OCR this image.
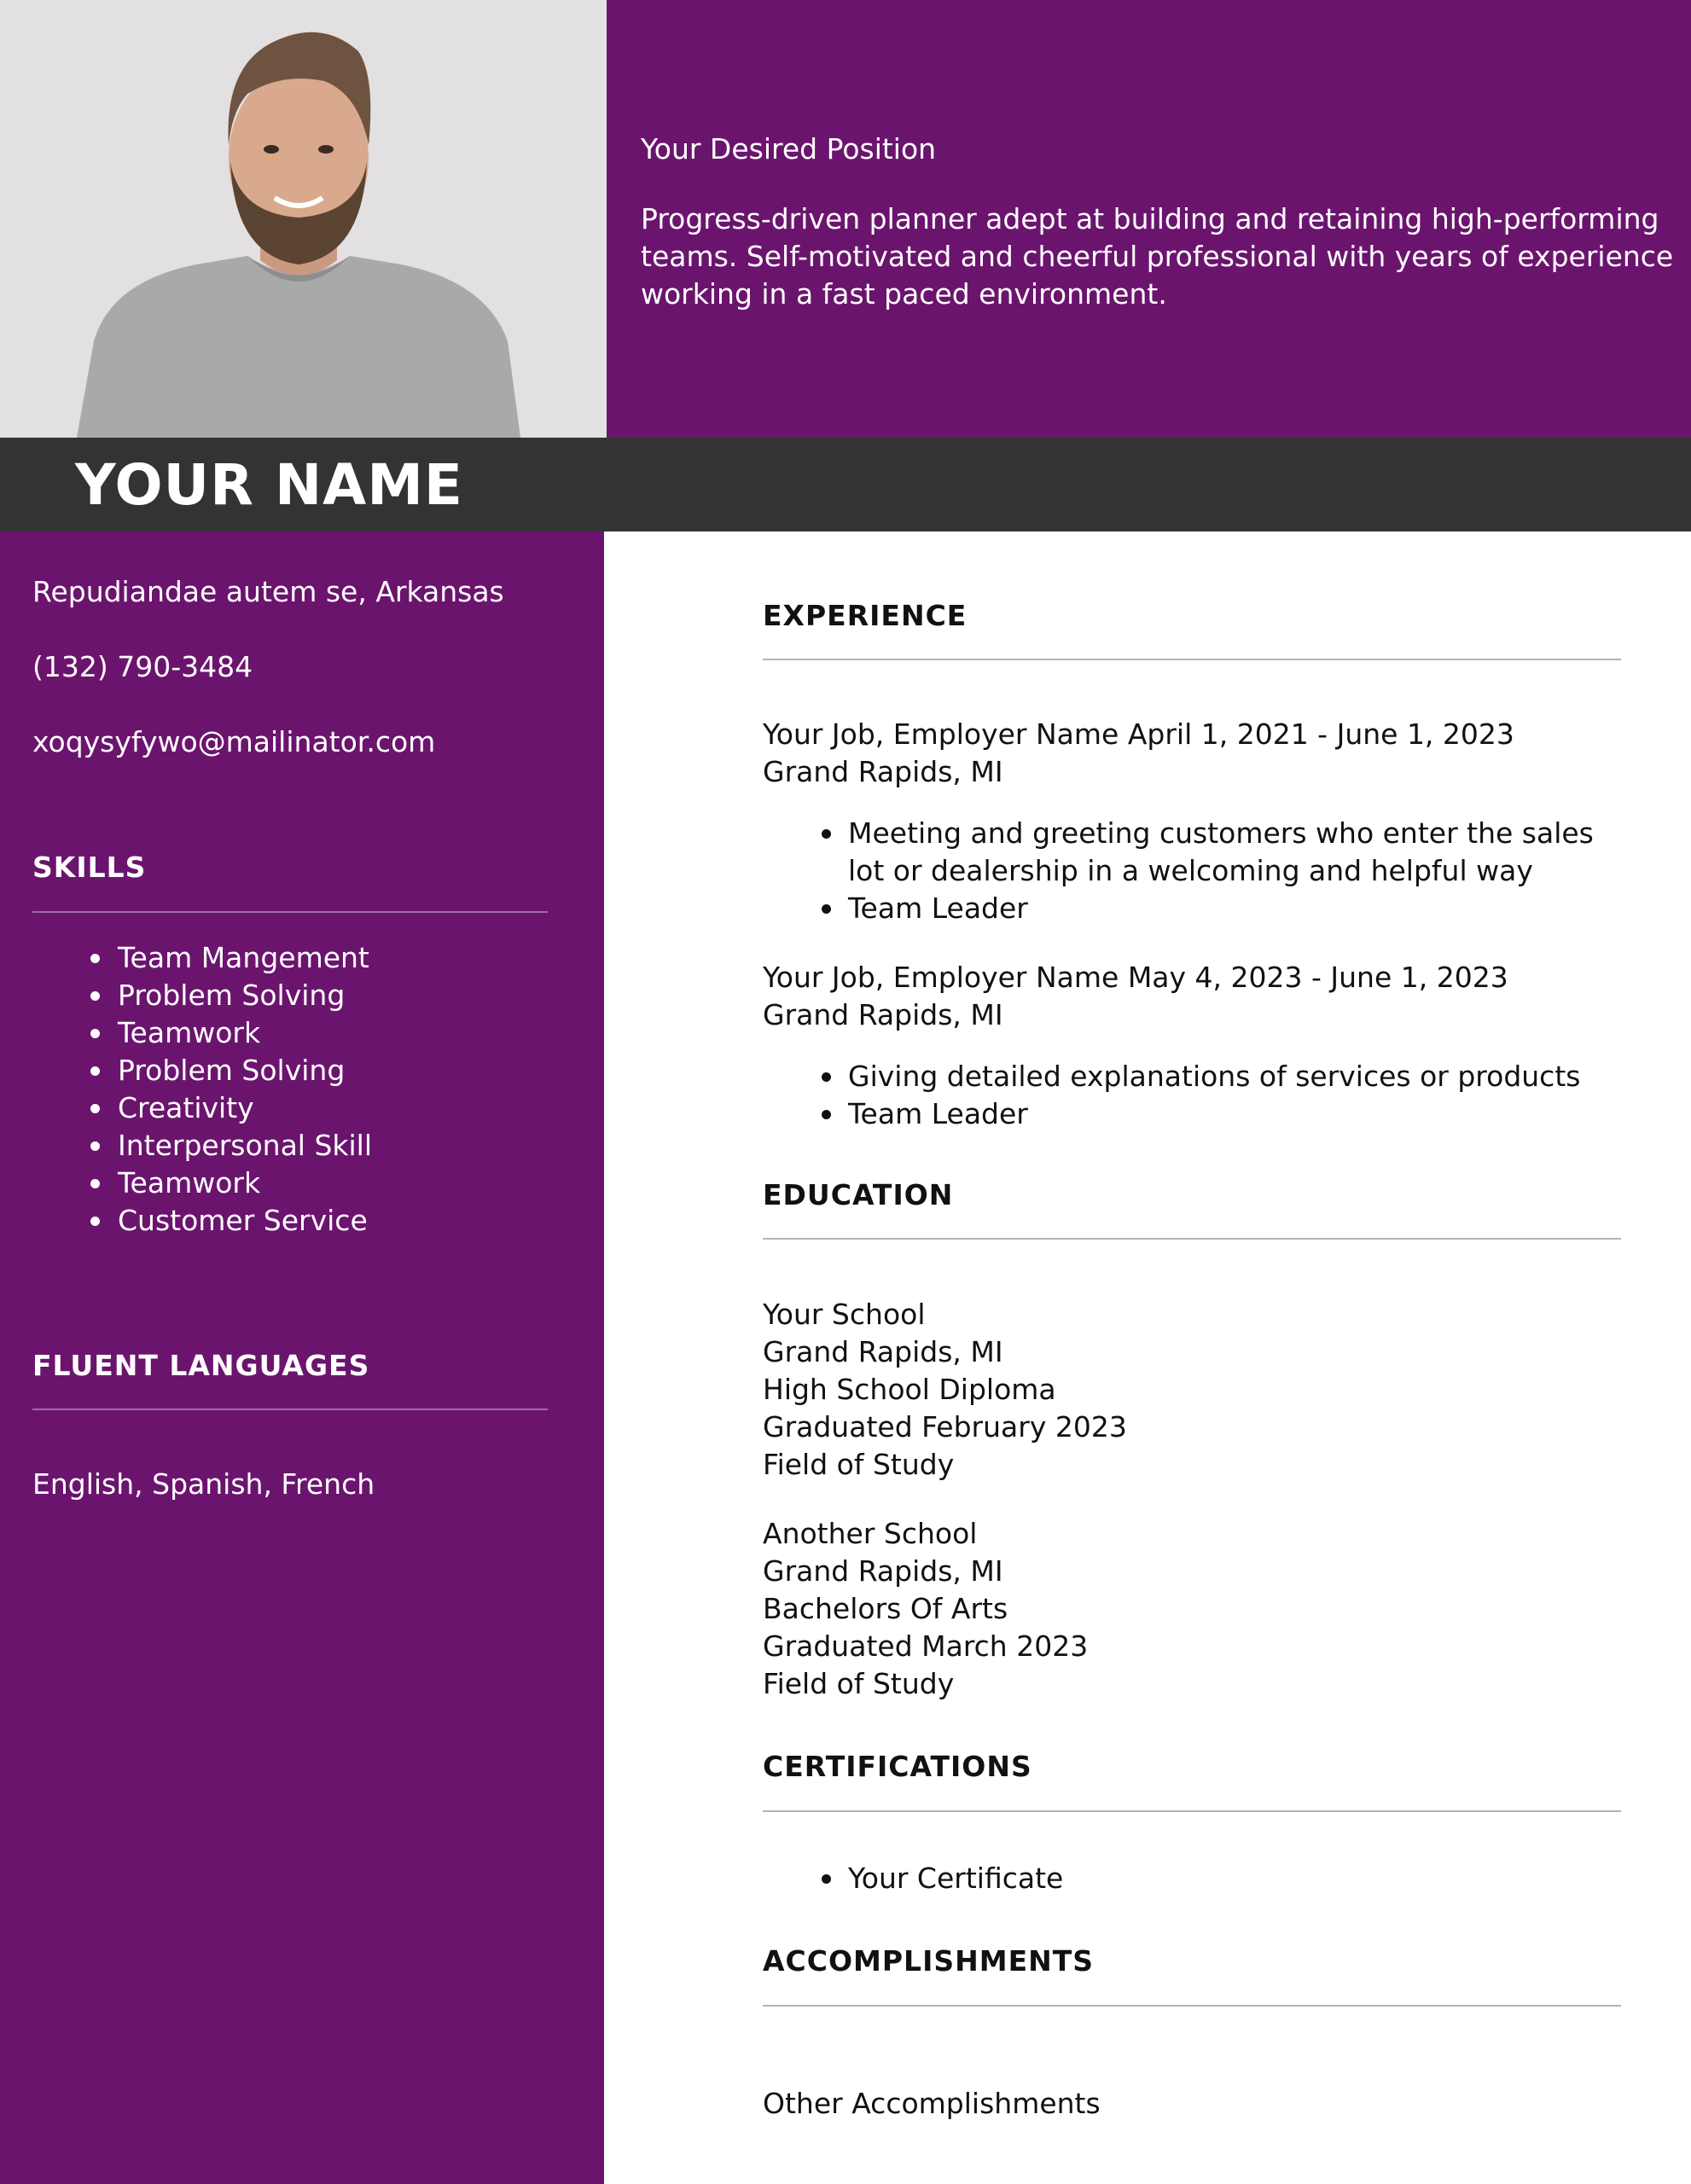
Your Desired Position
Progress-driven planner adept at building and retaining high-performing teams. Self-motivated and cheerful professional with years of experience working in a fast paced environment.
YOUR NAME
Repudiandae autem se, Arkansas
(132) 790-3484
xoqysyfywo@mailinator.com
SKILLS
Team Mangement
Problem Solving
Teamwork
Problem Solving
Creativity
Interpersonal Skill
Teamwork
Customer Service
FLUENT LANGUAGES
English, Spanish, French
EXPERIENCE
Your Job, Employer Name April 1, 2021 - June 1, 2023
Grand Rapids, MI
Meeting and greeting customers who enter the sales lot or dealership in a welcoming and helpful way
Team Leader
Your Job, Employer Name May 4, 2023 - June 1, 2023
Grand Rapids, MI
Giving detailed explanations of services or products
Team Leader
EDUCATION
Your School
Grand Rapids, MI
High School Diploma
Graduated February 2023
Field of Study
Another School
Grand Rapids, MI
Bachelors Of Arts
Graduated March 2023
Field of Study
CERTIFICATIONS
Your Certificate
ACCOMPLISHMENTS
Other Accomplishments
